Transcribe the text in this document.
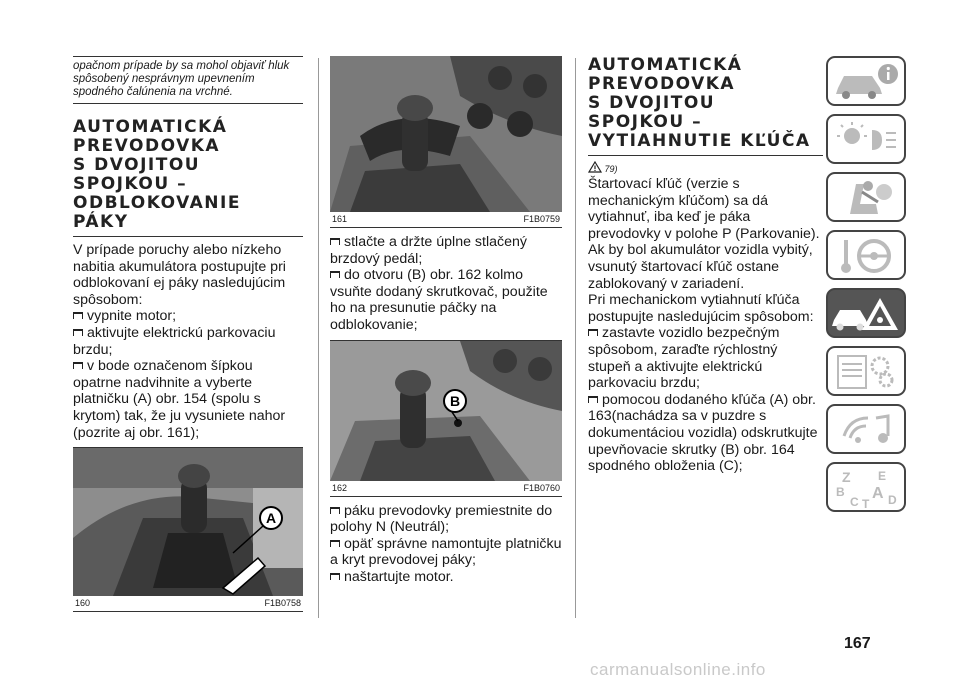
opačnom prípade by sa mohol objaviť hluk spôsobený nesprávnym upevnením spodného čalúnenia na vrchné.
AUTOMATICKÁ
PREVODOVKA
S DVOJITOU
SPOJKOU –
ODBLOKOVANIE
PÁKY

V prípade poruchy alebo nízkeho nabitia akumulátora postupujte pri odblokovaní ej páky nasledujúcim spôsobom:

vypnite motor;
aktivujte elektrickú parkovaciu brzdu;
v bode označenom šípkou opatrne nadvihnite a vyberte platničku (A) obr. 154 (spolu s krytom) tak, že ju vysuniete nahor (pozrite aj obr. 161);
A
160	F1B0758
161	F1B0759
stlačte a držte úplne stlačený brzdový pedál;
do otvoru (B) obr. 162 kolmo vsuňte dodaný skrutkovač, použite ho na presunutie páčky na odblokovanie;
B
162	F1B0760
páku prevodovky premiestnite do polohy N (Neutrál);
opäť správne namontujte platničku a kryt prevodovej páky;
naštartujte motor.
AUTOMATICKÁ
PREVODOVKA
S DVOJITOU
SPOJKOU –
VYTIAHNUTIE KĽÚČA
79)

Štartovací kľúč (verzie s mechanickým kľúčom) sa dá vytiahnuť, iba keď je páka prevodovky v polohe P (Parkovanie).

Ak by bol akumulátor vozidla vybitý, vsunutý štartovací kľúč ostane zablokovaný v zariadení.

Pri mechanickom vytiahnutí kľúča postupujte nasledujúcim spôsobom:

zastavte vozidlo bezpečným spôsobom, zaraďte rýchlostný stupeň a aktivujte elektrickú parkovaciu brzdu;
pomocou dodaného kľúča (A) obr. 163(nachádza sa v puzdre s dokumentáciou vozidla) odskrutkujte upevňovacie skrutky (B) obr. 164 spodného obloženia (C);
Z E
B A
C T D
167
carmanualsonline.info
